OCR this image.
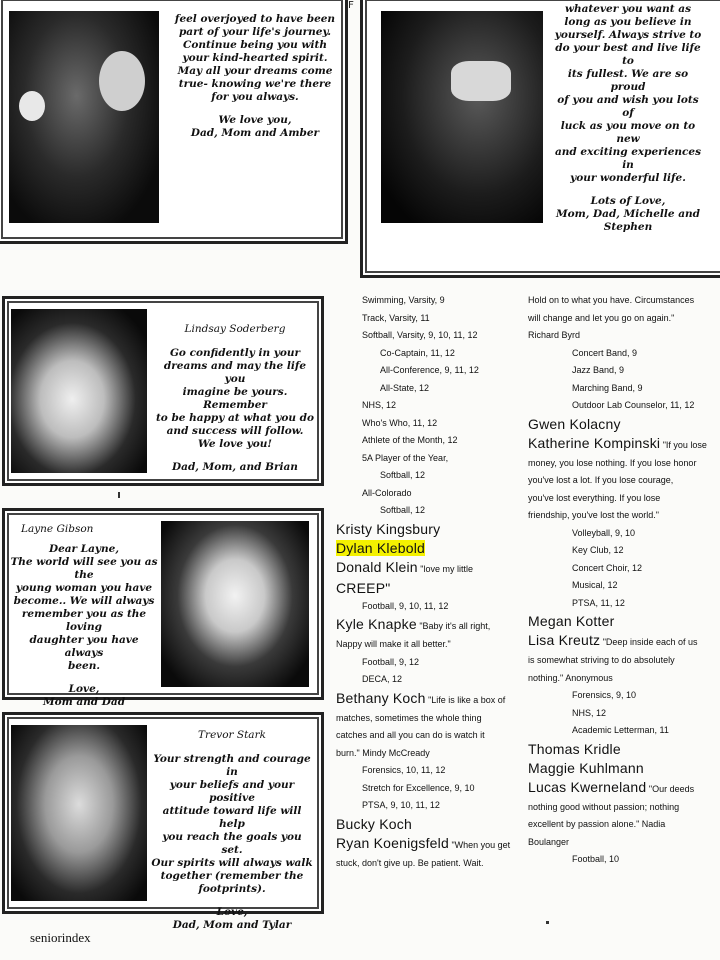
feel overjoyed to have been

part of your life's journey.

Continue being you with

your kind-hearted spirit.

May all your dreams come

true- knowing we're there

for you always.

We love you,

Dad, Mom and Amber

whatever you want as

long as you believe in

yourself. Always strive to

do your best and live life to

its fullest. We are so proud

of you and wish you lots of

luck as you move on to new

and exciting experiences in

your wonderful life.

Lots of Love,

Mom, Dad, Michelle and

Stephen

Lindsay Soderberg

Go confidently in your

dreams and may the life you

imagine be yours. Remember

to be happy at what you do

and success will follow.

We love you!

Dad, Mom, and Brian

Layne Gibson

Dear Layne,

The world will see you as the

young woman you have

become.. We will always

remember you as the loving

daughter you have always

been.

Love,

Mom and Dad

Trevor Stark

Your strength and courage in

your beliefs and your positive

attitude toward life will help

you reach the goals you set.

Our spirits will always walk

together (remember the

footprints).

Love,

Dad, Mom and Tylar

Swimming, Varsity, 9
Track, Varsity, 11
Softball, Varsity, 9, 10, 11, 12
Co-Captain, 11, 12
All-Conference, 9, 11, 12
All-State, 12
NHS, 12
Who's Who, 11, 12
Athlete of the Month, 12
5A Player of the Year,
Softball, 12
All-Colorado
Softball, 12
Kristy Kingsbury
Dylan Klebold
Donald Klein "love my little
CREEP"
Football, 9, 10, 11, 12
Kyle Knapke "Baby it's all right,
Nappy will make it all better."
Football, 9, 12
DECA, 12
Bethany Koch "Life is like a box of
matches, sometimes the whole thing
catches and all you can do is watch it
burn." Mindy McCready
Forensics, 10, 11, 12
Stretch for Excellence, 9, 10
PTSA, 9, 10, 11, 12
Bucky Koch
Ryan Koenigsfeld "When you get
stuck, don't give up. Be patient. Wait.
Hold on to what you have. Circumstances
will change and let you go on again."
Richard Byrd
Concert Band, 9
Jazz Band, 9
Marching Band, 9
Outdoor Lab Counselor, 11, 12
Gwen Kolacny
Katherine Kompinski "If you lose
money, you lose nothing. If you lose honor
you've lost a lot. If you lose courage,
you've lost everything. If you lose
friendship, you've lost the world."
Volleyball, 9, 10
Key Club, 12
Concert Choir, 12
Musical, 12
PTSA, 11, 12
Megan Kotter
Lisa Kreutz "Deep inside each of us
is somewhat striving to do absolutely
nothing." Anonymous
Forensics, 9, 10
NHS, 12
Academic Letterman, 11
Thomas Kridle
Maggie Kuhlmann
Lucas Kwerneland "Our deeds
nothing good without passion; nothing
excellent by passion alone." Nadia
Boulanger
Football, 10
seniorindex
